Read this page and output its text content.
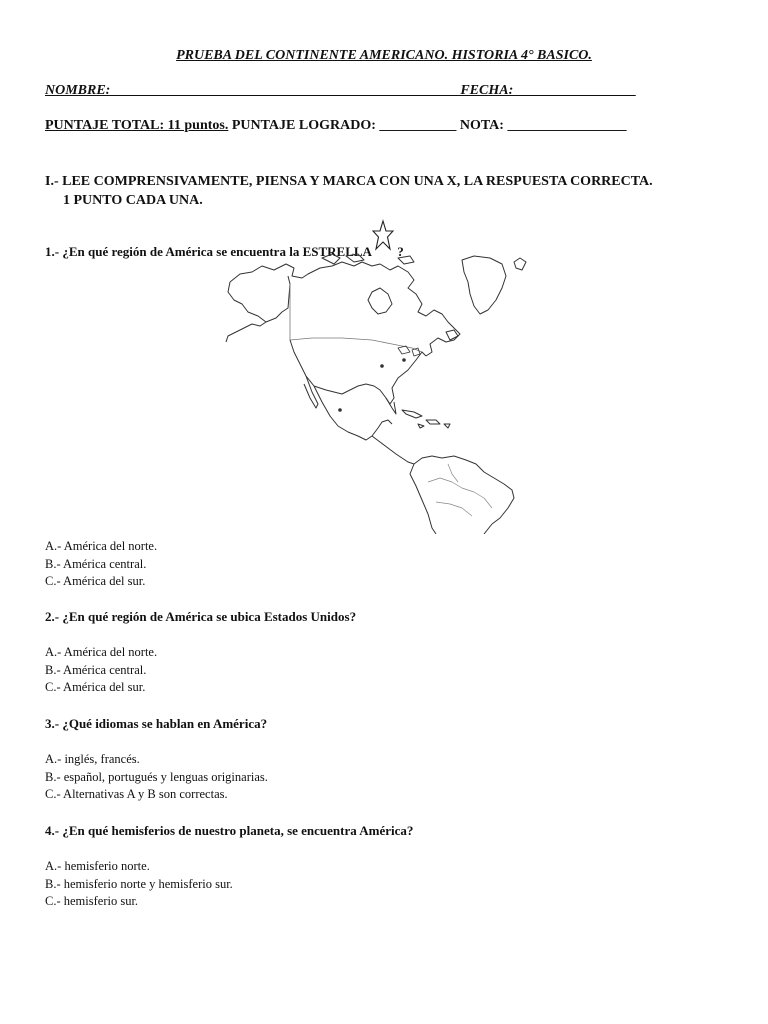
PRUEBA DEL CONTINENTE AMERICANO. HISTORIA 4° BASICO.
NOMBRE: _________________________________________________ FECHA: _________________
PUNTAJE TOTAL: 11 puntos. PUNTAJE LOGRADO: ___________ NOTA: _________________
I.- LEE COMPRENSIVAMENTE, PIENSA Y MARCA CON UNA X, LA RESPUESTA CORRECTA.
1 PUNTO CADA UNA.
1.- ¿En qué región de América se encuentra la ESTRELLA ?
A.- América del norte.
B.- América central.
C.- América del sur.
2.- ¿En qué región de América se ubica Estados Unidos?
A.- América del norte.
B.- América central.
C.- América del sur.
3.- ¿Qué idiomas se hablan en América?
A.- inglés, francés.
B.- español, portugués y lenguas originarias.
C.- Alternativas A y B son correctas.
4.- ¿En qué hemisferios de nuestro planeta, se encuentra América?
A.- hemisferio norte.
B.- hemisferio norte y hemisferio sur.
C.- hemisferio sur.
